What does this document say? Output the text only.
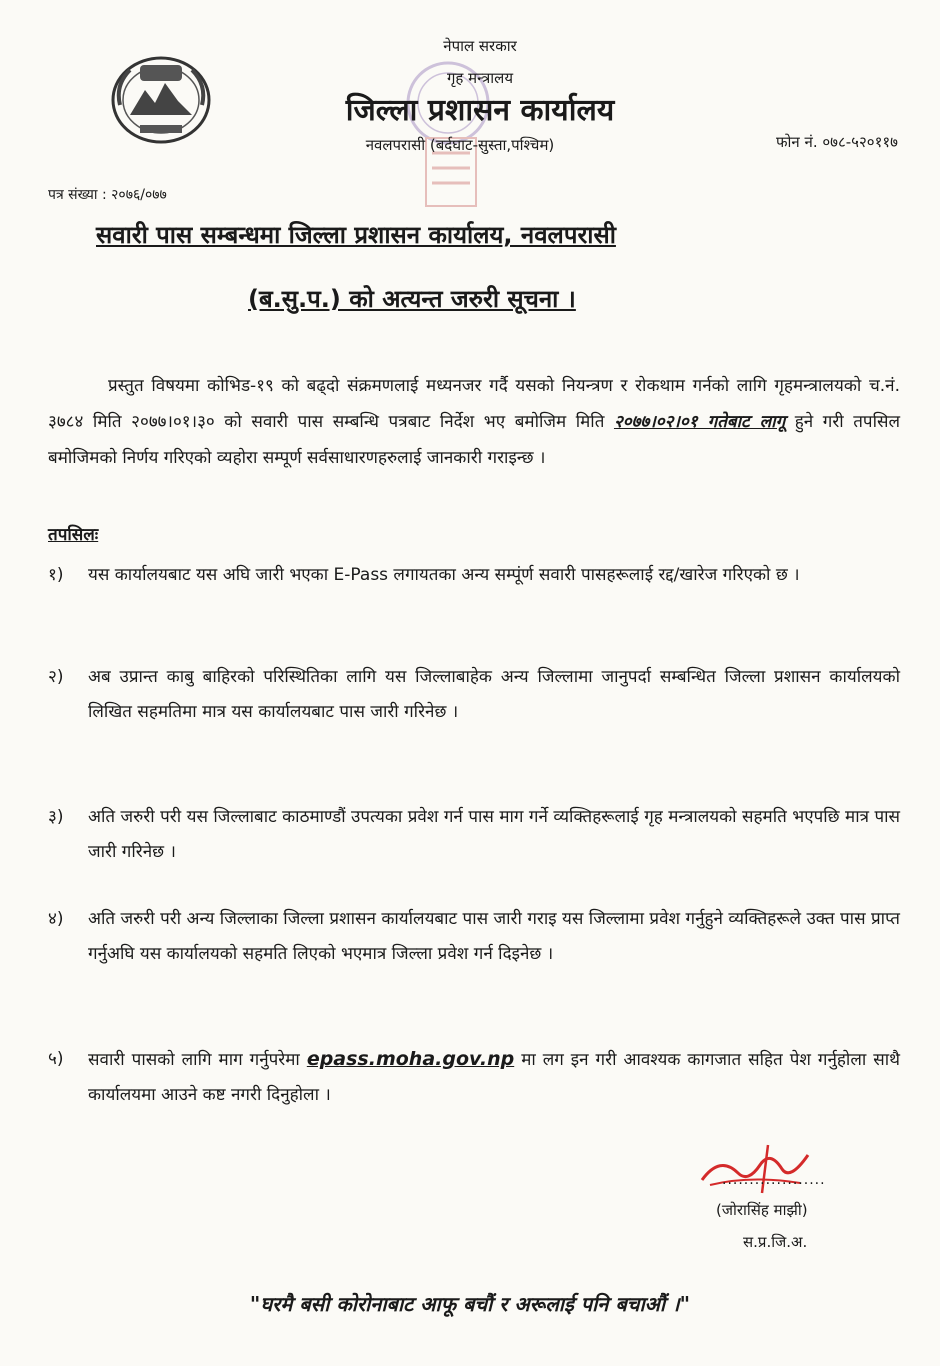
नेपाल सरकार
गृह मन्त्रालय
जिल्ला प्रशासन कार्यालय
नवलपरासी (बर्दघाट-सुस्ता,पश्चिम)	फोन नं. ०७८-५२०११७
पत्र संख्या : २०७६/०७७
सवारी पास सम्बन्धमा जिल्ला प्रशासन कार्यालय, नवलपरासी
(ब.सु.प.) को अत्यन्त जरुरी सूचना ।
प्रस्तुत विषयमा कोभिड-१९ को बढ्दो संक्रमणलाई मध्यनजर गर्दै यसको नियन्त्रण र रोकथाम गर्नको लागि गृहमन्त्रालयको च.नं. ३७८४ मिति २०७७।०१।३० को सवारी पास सम्बन्धि पत्रबाट निर्देश भए बमोजिम मिति २०७७।०२।०१ गतेबाट लागू हुने गरी तपसिल बमोजिमको निर्णय गरिएको व्यहोरा सम्पूर्ण सर्वसाधारणहरुलाई जानकारी गराइन्छ ।
तपसिलः
१)	यस कार्यालयबाट यस अघि जारी भएका E-Pass लगायतका अन्य सम्पूंर्ण सवारी पासहरूलाई रद्द/खारेज गरिएको छ ।
२)	अब उप्रान्त काबु बाहिरको परिस्थितिका लागि यस जिल्लाबाहेक अन्य जिल्लामा जानुपर्दा सम्बन्धित जिल्ला प्रशासन कार्यालयको लिखित सहमतिमा मात्र यस कार्यालयबाट पास जारी गरिनेछ ।
३)	अति जरुरी परी यस जिल्लाबाट काठमाण्डौं उपत्यका प्रवेश गर्न पास माग गर्ने व्यक्तिहरूलाई गृह मन्त्रालयको सहमति भएपछि मात्र पास जारी गरिनेछ ।
४)	अति जरुरी परी अन्य जिल्लाका जिल्ला प्रशासन कार्यालयबाट पास जारी गराइ यस जिल्लामा प्रवेश गर्नुहुने व्यक्तिहरूले उक्त पास प्राप्त गर्नुअघि यस कार्यालयको सहमति लिएको भएमात्र जिल्ला प्रवेश गर्न दिइनेछ ।
५)	सवारी पासको लागि माग गर्नुपरेमा epass.moha.gov.np मा लग इन गरी आवश्यक कागजात सहित पेश गर्नुहोला साथै कार्यालयमा आउने कष्ट नगरी दिनुहोला ।
...................
(जोरासिंह माझी)
स.प्र.जि.अ.
"घरमै बसी कोरोनाबाट आफू बचौं र अरूलाई पनि बचाऔं ।"
